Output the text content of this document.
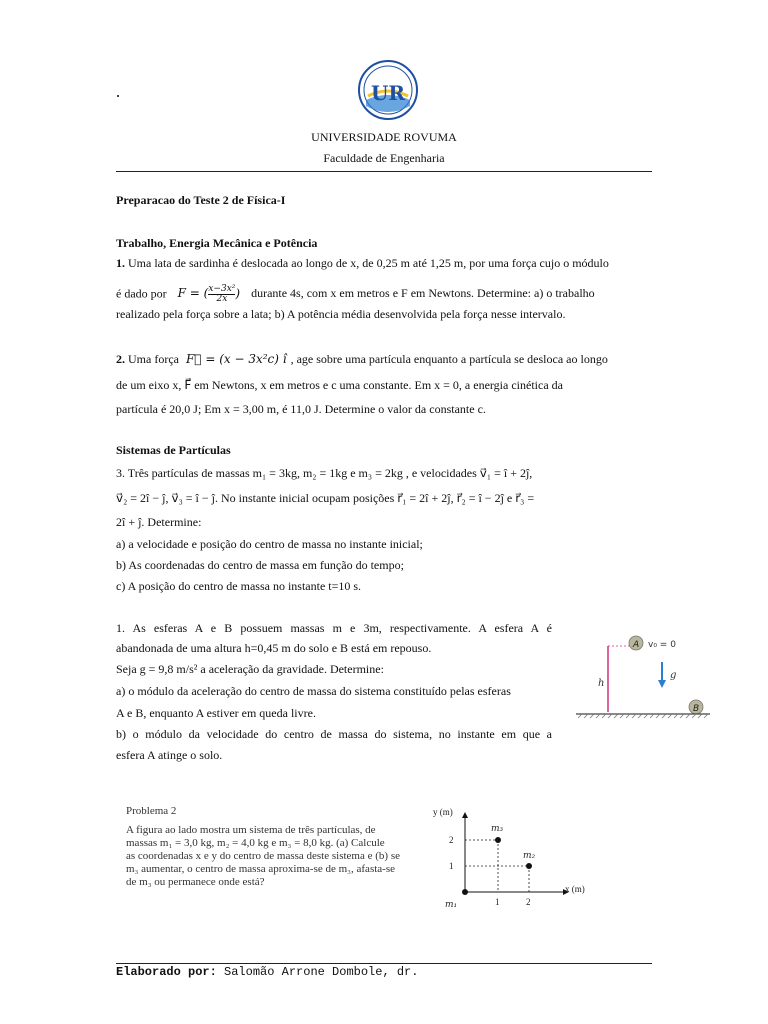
UR
UNIVERSIDADE ROVUMA
Faculdade de Engenharia
Preparacao do Teste 2 de Física-I
Trabalho, Energia Mecânica e Potência
1. Uma lata de sardinha é deslocada ao longo de x, de 0,25 m até 1,25 m, por uma força cujo o módulo
é dado por F = ( $\frac{\text{x−3x²}}{2x}$ ) durante 4s, com x em metros e F em Newtons. Determine: a) o trabalho
realizado pela força sobre a lata; b) A potência média desenvolvida pela força nesse intervalo.
2. Uma força F⃗ = (x − 3x²c) î , age sobre uma partícula enquanto a partícula se desloca ao longo
de um eixo x, F⃗ em Newtons, x em metros e c uma constante. Em x = 0, a energia cinética da
partícula é 20,0 J; Em x = 3,00 m, é 11,0 J. Determine o valor da constante c.
Sistemas de Partículas
3. Três partículas de massas m₁ = 3kg, m₂ = 1kg e m₃ = 2kg , e velocidades v⃗₁ = î + 2ĵ,
v⃗₂ = 2î − ĵ, v⃗₃ = î − ĵ. No instante inicial ocupam posições r⃗₁ = 2î + 2ĵ, r⃗₂ = î − 2ĵ e r⃗₃ =
2î + ĵ. Determine:
a) a velocidade e posição do centro de massa no instante inicial;
b) As coordenadas do centro de massa em função do tempo;
c) A posição do centro de massa no instante t=10 s.
1. As esferas A e B possuem massas m e 3m, respectivamente. A esfera A é
abandonada de uma altura h=0,45 m do solo e B está em repouso.
Seja g = 9,8 m/s² a aceleração da gravidade. Determine:
a) o módulo da aceleração do centro de massa do sistema constituído pelas esferas
A e B, enquanto A estiver em queda livre.
b) o módulo da velocidade do centro de massa do sistema, no instante em que a
esfera A atinge o solo.
h
A v₀ = 0
g
B
Problema 2
A figura ao lado mostra um sistema de três partículas, de
massas m₁ = 3,0 kg, m₂ = 4,0 kg e m₃ = 8,0 kg. (a) Calcule
as coordenadas x e y do centro de massa deste sistema e (b) se
m₃ aumentar, o centro de massa aproxima-se de m₃, afasta-se
de m₃ ou permanece onde está?
y (m)
x (m)
2
1
1	2
m₁
m₃
m₂
Elaborado por: Salomão Arrone Dombole, dr.
